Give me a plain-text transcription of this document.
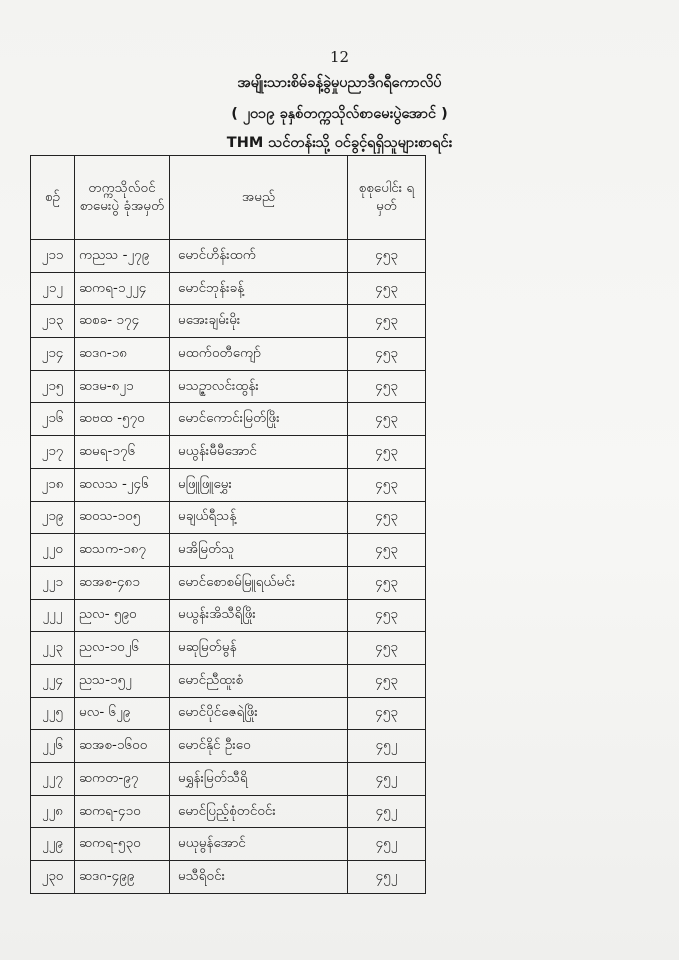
12
အမျိုးသားစိမ်ခန့်ခွဲမှုပညာဒီဂရီကောလိပ်
( ၂၀၁၉ ခုနှစ်တက္ကသိုလ်စာမေးပွဲအောင် )
THM သင်တန်းသို့ ဝင်ခွင့်ရရှိသူများစာရင်း
စဉ်	တက္ကသိုလ်ဝင် စာမေးပွဲ ခုံအမှတ်	အမည်	စုစုပေါင်း ရမှတ်
၂၁၁	ကညသ -၂၇၉	မောင်ဟိန်းထက်	၄၅၃
၂၁၂	ဆကရ-၁၂၂၄	မောင်ဘုန်းခန့်	၄၅၃
၂၁၃	ဆစခ- ၁၇၄	မအေးချမ်းမိုး	၄၅၃
၂၁၄	ဆဒဂ-၁၈	မထက်ဝတီကျော်	၄၅၃
၂၁၅	ဆဒမ-၈၂၁	မသဉ္ဇာလင်းထွန်း	၄၅၃
၂၁၆	ဆဗထ -၅၇၀	မောင်ကောင်းမြတ်ဖြိုး	၄၅၃
၂၁၇	ဆမရ-၁၇၆	မယွန်းမီမီအောင်	၄၅၃
၂၁၈	ဆလသ -၂၄၆	မဖြူဖြူမွှေး	၄၅၃
၂၁၉	ဆဝသ-၁၀၅	မချယ်ရီသန့်	၄၅၃
၂၂၀	ဆသက-၁၈၇	မအိမြတ်သူ	၄၅၃
၂၂၁	ဆအစ-၄၈၁	မောင်စောစမ်မြူရယ်မင်း	၄၅၃
၂၂၂	ညလ- ၅၉၀	မယွန်းအိသီရိဖြိုး	၄၅၃
၂၂၃	ညလ-၁၀၂၆	မဆုမြတ်မွန်	၄၅၃
၂၂၄	ညသ-၁၅၂	မောင်ညီထူးစံ	၄၅၃
၂၂၅	မလ- ၆၂၉	မောင်ပိုင်ဇေရဲဖြိုး	၄၅၃
၂၂၆	ဆအစ-၁၆၀၀	မောင်နိုင် ဦးဝေ	၄၅၂
၂၂၇	ဆကတ-၉၇	မရွှန်းမြတ်သီရိ	၄၅၂
၂၂၈	ဆကရ-၄၁၀	မောင်ပြည့်စုံတင်ဝင်း	၄၅၂
၂၂၉	ဆကရ-၅၃၀	မယုမွန်အောင်	၄၅၂
၂၃၀	ဆဒဂ-၄၉၉	မသီရိဝင်း	၄၅၂
